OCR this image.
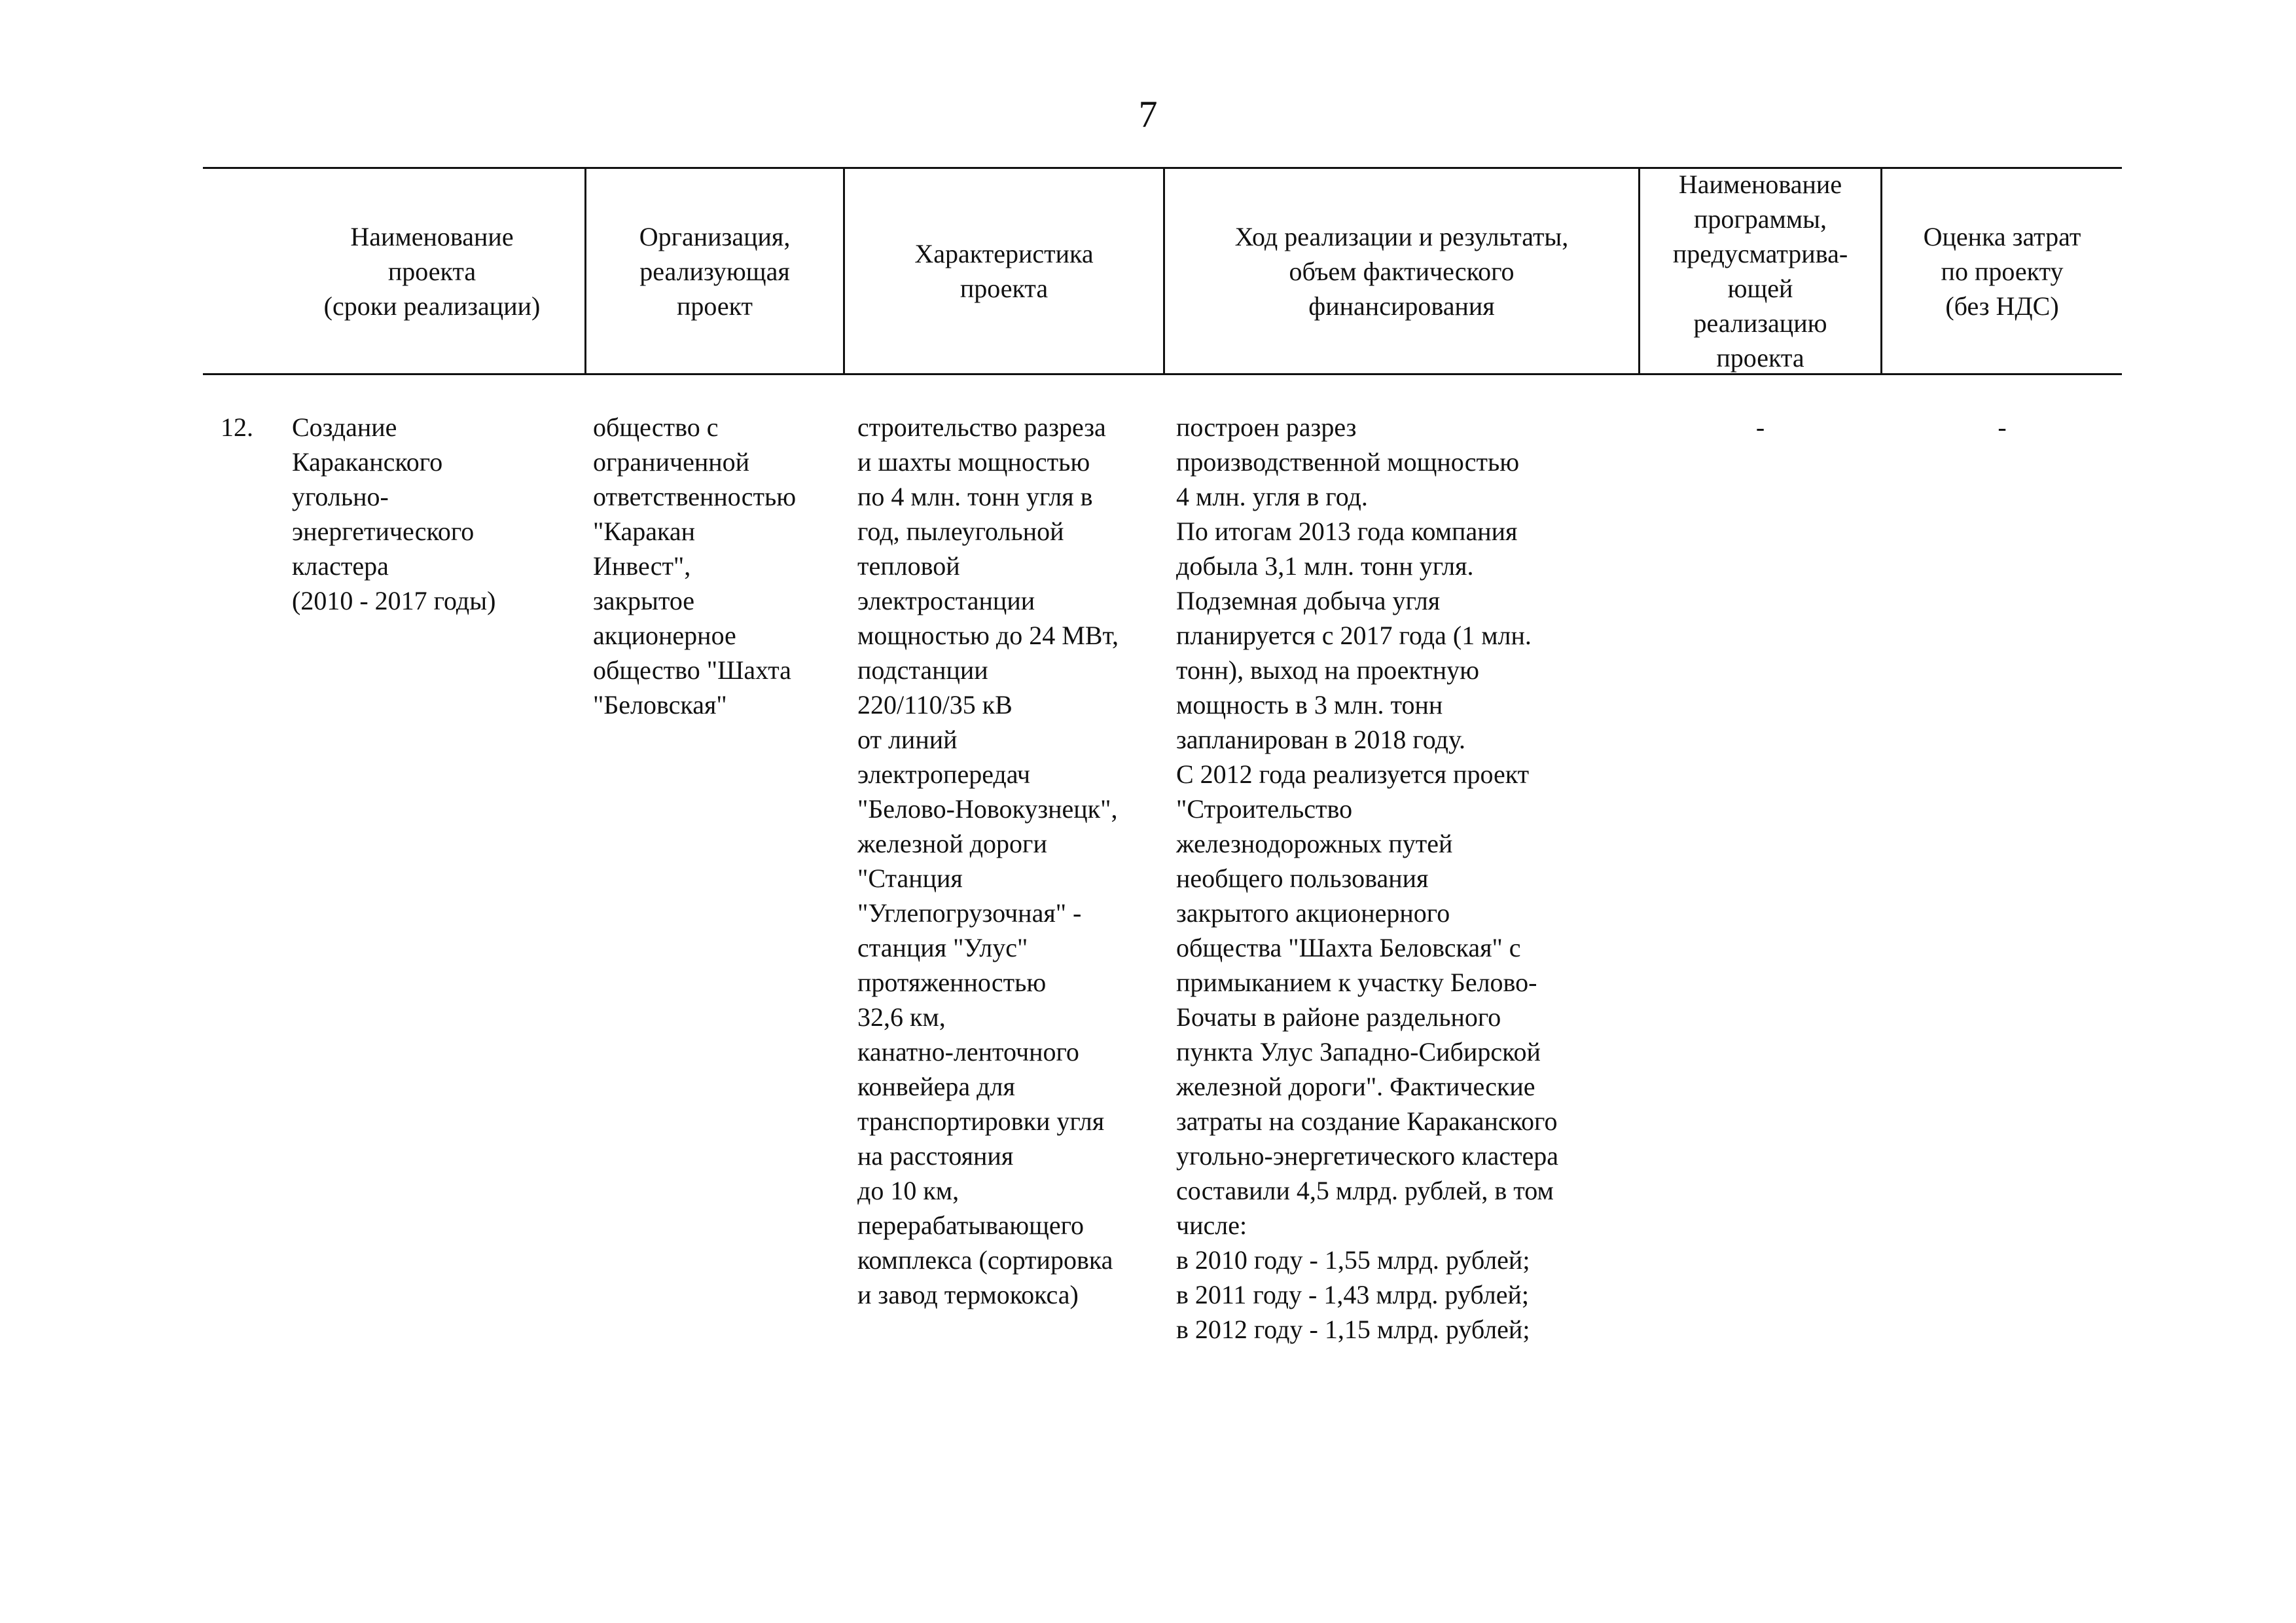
7
Наименование
проекта
(сроки реализации)
Организация,
реализующая
проект
Характеристика
проекта
Ход реализации и результаты,
объем фактического
финансирования
Наименование
программы,
предусматрива-
ющей
реализацию
проекта
Оценка затрат
по проекту
(без НДС)
12. Создание
Караканского
угольно-
энергетического
кластера
(2010 - 2017 годы)
общество с
ограниченной
ответственностью
"Каракан
Инвест",
закрытое
акционерное
общество "Шахта
"Беловская"
строительство разреза
и шахты мощностью
по 4 млн. тонн угля в
год, пылеугольной
тепловой
электростанции
мощностью до 24 МВт,
подстанции
220/110/35 кВ
от линий
электропередач
"Белово-Новокузнецк",
железной дороги
"Станция
"Углепогрузочная" -
станция "Улус"
протяженностью
32,6 км,
канатно-ленточного
конвейера для
транспортировки угля
на расстояния
до 10 км,
перерабатывающего
комплекса (сортировка
и завод термококса)
построен разрез
производственной мощностью
4 млн. угля в год.
По итогам 2013 года компания
добыла 3,1 млн. тонн угля.
Подземная добыча угля
планируется с 2017 года (1 млн.
тонн), выход на проектную
мощность в 3 млн. тонн
запланирован в 2018 году.
С 2012 года реализуется проект
"Строительство
железнодорожных путей
необщего пользования
закрытого акционерного
общества "Шахта Беловская" с
примыканием к участку Белово-
Бочаты в районе раздельного
пункта Улус Западно-Сибирской
железной дороги". Фактические
затраты на создание Караканского
угольно-энергетического кластера
составили 4,5 млрд. рублей, в том
числе:
в 2010 году - 1,55 млрд. рублей;
в 2011 году - 1,43 млрд. рублей;
в 2012 году - 1,15 млрд. рублей;
-	-
